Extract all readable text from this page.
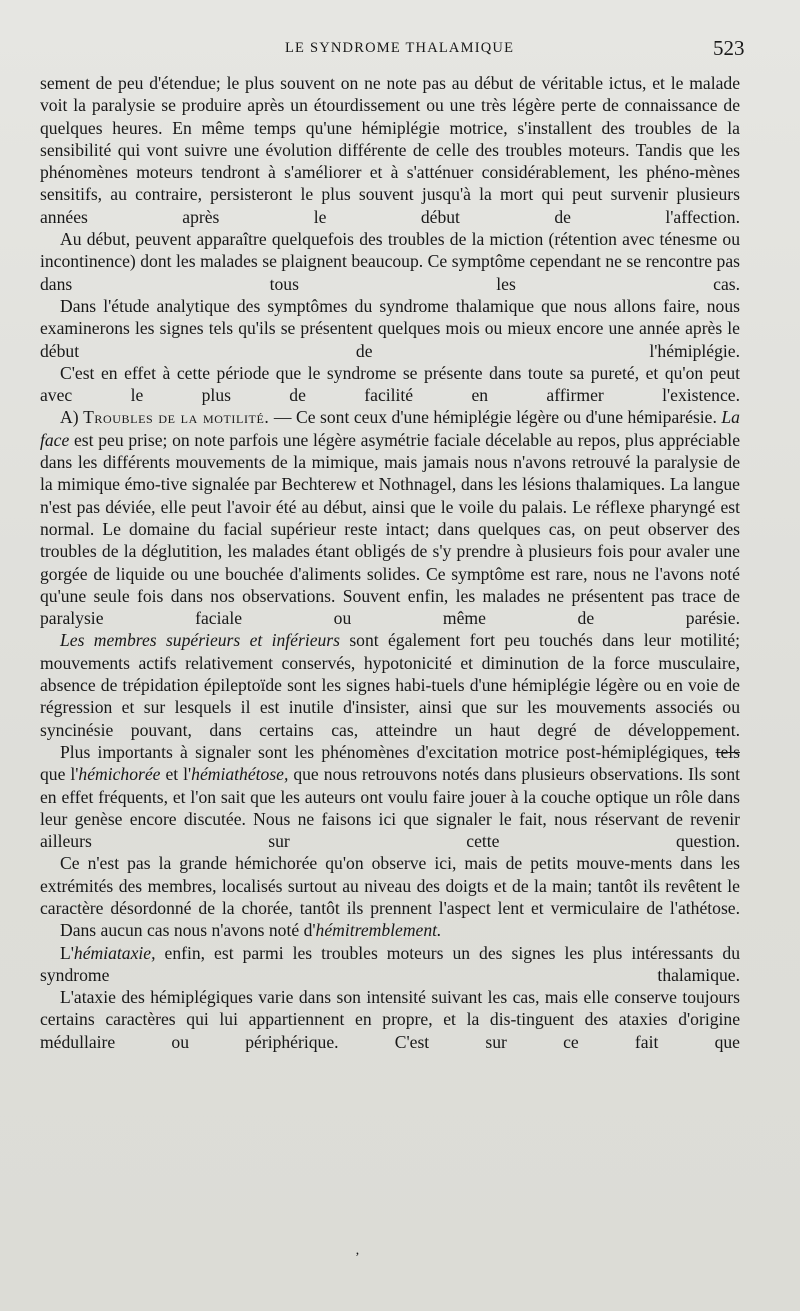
LE SYNDROME THALAMIQUE	523

sement de peu d'étendue; le plus souvent on ne note pas au début de véritable ictus, et le malade voit la paralysie se produire après un étourdissement ou une très légère perte de connaissance de quelques heures. En même temps qu'une hémiplégie motrice, s'installent des troubles de la sensibilité qui vont suivre une évolution différente de celle des troubles moteurs. Tandis que les phénomènes moteurs tendront à s'améliorer et à s'atténuer considérablement, les phéno-mènes sensitifs, au contraire, persisteront le plus souvent jusqu'à la mort qui peut survenir plusieurs années après le début de l'affection.

Au début, peuvent apparaître quelquefois des troubles de la miction (rétention avec ténesme ou incontinence) dont les malades se plaignent beaucoup. Ce symptôme cependant ne se rencontre pas dans tous les cas.

Dans l'étude analytique des symptômes du syndrome thalamique que nous allons faire, nous examinerons les signes tels qu'ils se présentent quelques mois ou mieux encore une année après le début de l'hémiplégie.

C'est en effet à cette période que le syndrome se présente dans toute sa pureté, et qu'on peut avec le plus de facilité en affirmer l'existence.

A) Troubles de la motilité. — Ce sont ceux d'une hémiplégie légère ou d'une hémiparésie. La face est peu prise; on note parfois une légère asymétrie faciale décelable au repos, plus appréciable dans les différents mouvements de la mimique, mais jamais nous n'avons retrouvé la paralysie de la mimique émo-tive signalée par Bechterew et Nothnagel, dans les lésions thalamiques. La langue n'est pas déviée, elle peut l'avoir été au début, ainsi que le voile du palais. Le réflexe pharyngé est normal. Le domaine du facial supérieur reste intact; dans quelques cas, on peut observer des troubles de la déglutition, les malades étant obligés de s'y prendre à plusieurs fois pour avaler une gorgée de liquide ou une bouchée d'aliments solides. Ce symptôme est rare, nous ne l'avons noté qu'une seule fois dans nos observations. Souvent enfin, les malades ne présentent pas trace de paralysie faciale ou même de parésie.

Les membres supérieurs et inférieurs sont également fort peu touchés dans leur motilité; mouvements actifs relativement conservés, hypotonicité et diminution de la force musculaire, absence de trépidation épileptoïde sont les signes habi-tuels d'une hémiplégie légère ou en voie de régression et sur lesquels il est inutile d'insister, ainsi que sur les mouvements associés ou syncinésie pouvant, dans certains cas, atteindre un haut degré de développement.

Plus importants à signaler sont les phénomènes d'excitation motrice post-hémiplégiques, tels que l'hémichorée et l'hémiathétose, que nous retrouvons notés dans plusieurs observations. Ils sont en effet fréquents, et l'on sait que les auteurs ont voulu faire jouer à la couche optique un rôle dans leur genèse encore discutée. Nous ne faisons ici que signaler le fait, nous réservant de revenir ailleurs sur cette question.

Ce n'est pas la grande hémichorée qu'on observe ici, mais de petits mouve-ments dans les extrémités des membres, localisés surtout au niveau des doigts et de la main; tantôt ils revêtent le caractère désordonné de la chorée, tantôt ils prennent l'aspect lent et vermiculaire de l'athétose.

Dans aucun cas nous n'avons noté d'hémitremblement.

L'hémiataxie, enfin, est parmi les troubles moteurs un des signes les plus intéressants du syndrome thalamique.

L'ataxie des hémiplégiques varie dans son intensité suivant les cas, mais elle conserve toujours certains caractères qui lui appartiennent en propre, et la dis-tinguent des ataxies d'origine médullaire ou périphérique. C'est sur ce fait que

‚
